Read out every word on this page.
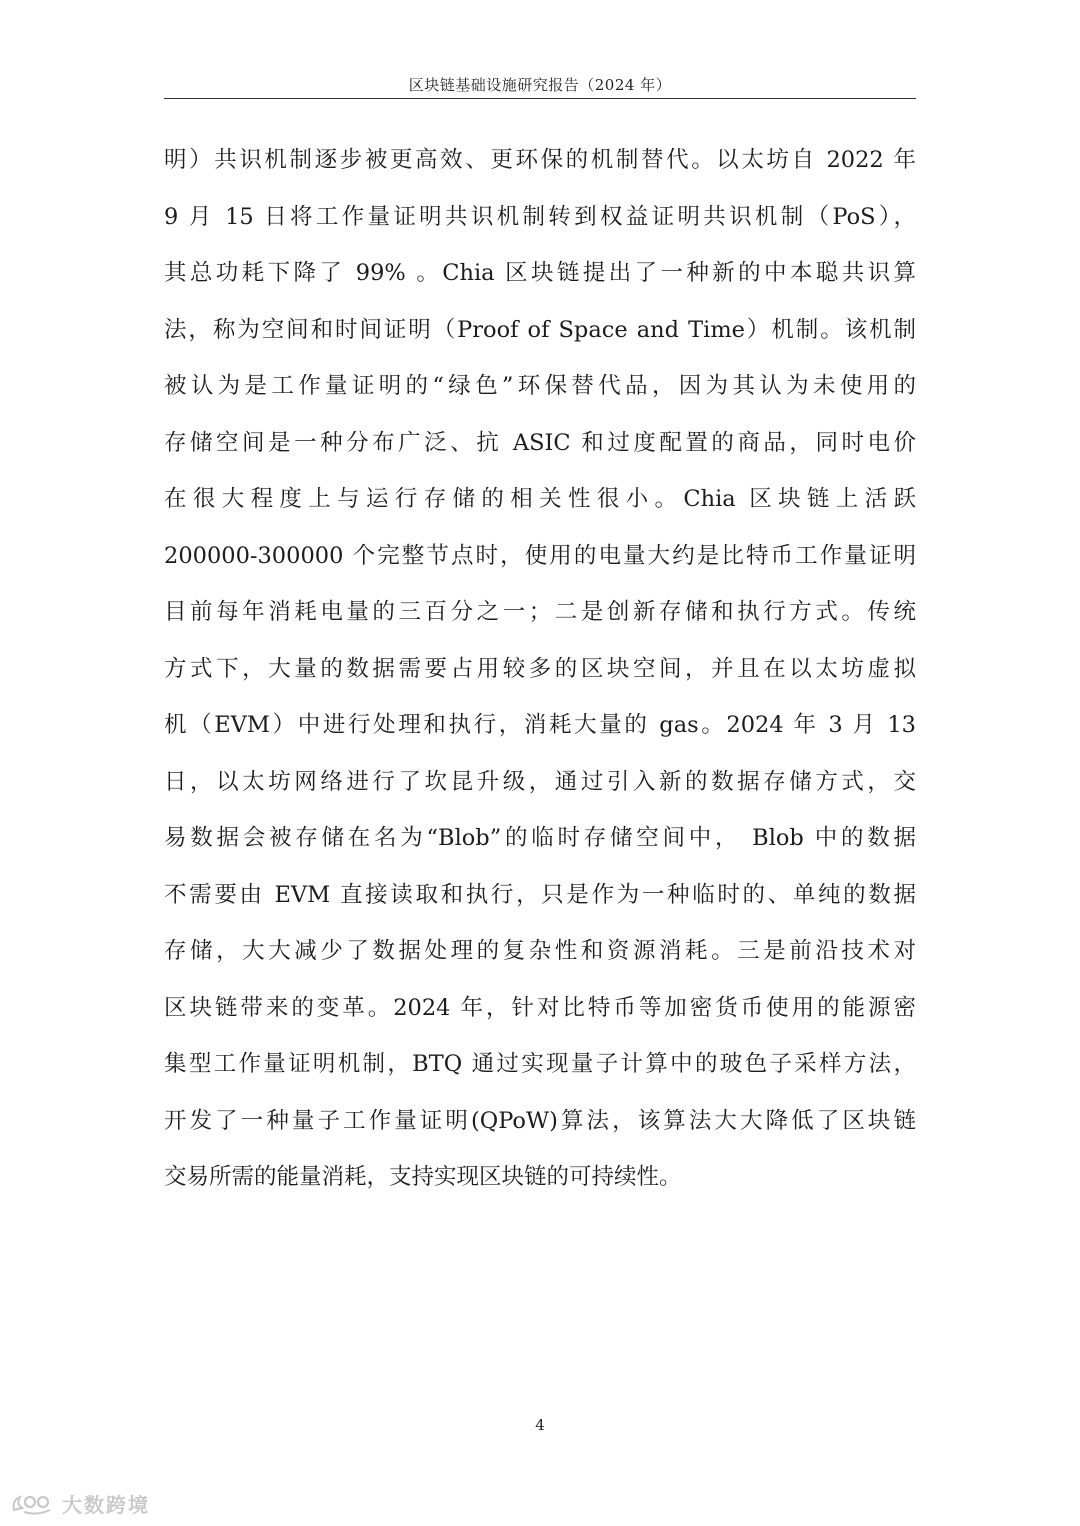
区块链基础设施研究报告（2024 年）
明）共识机制逐步被更高效、更环保的机制替代。以太坊自 2022 年
9 月 15 日将工作量证明共识机制转到权益证明共识机制（PoS），
其总功耗下降了 99% 。Chia 区块链提出了一种新的中本聪共识算
法，称为空间和时间证明（Proof of Space and Time）机制。该机制
被认为是工作量证明的“绿色”环保替代品，因为其认为未使用的
存储空间是一种分布广泛、抗 ASIC 和过度配置的商品，同时电价
在很大程度上与运行存储的相关性很小。Chia 区块链上活跃
200000-300000 个完整节点时，使用的电量大约是比特币工作量证明
目前每年消耗电量的三百分之一；二是创新存储和执行方式。传统
方式下，大量的数据需要占用较多的区块空间，并且在以太坊虚拟
机（EVM）中进行处理和执行，消耗大量的 gas。2024 年 3 月 13
日，以太坊网络进行了坎昆升级，通过引入新的数据存储方式，交
易数据会被存储在名为“Blob”的临时存储空间中， Blob 中的数据
不需要由 EVM 直接读取和执行，只是作为一种临时的、单纯的数据
存储，大大减少了数据处理的复杂性和资源消耗。三是前沿技术对
区块链带来的变革。2024 年，针对比特币等加密货币使用的能源密
集型工作量证明机制，BTQ 通过实现量子计算中的玻色子采样方法，
开发了一种量子工作量证明(QPoW)算法，该算法大大降低了区块链
交易所需的能量消耗，支持实现区块链的可持续性。
4
大数跨境
